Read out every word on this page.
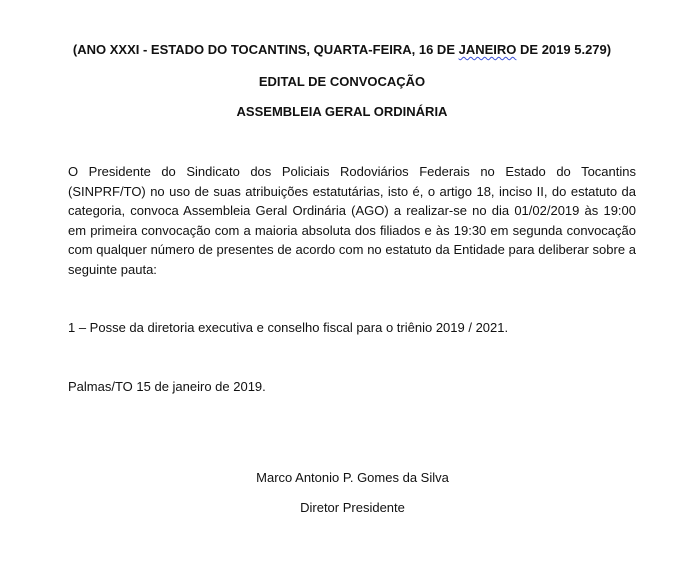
(ANO XXXI - ESTADO DO TOCANTINS, QUARTA-FEIRA, 16 DE JANEIRO DE 2019 5.279)
EDITAL DE CONVOCAÇÃO
ASSEMBLEIA GERAL ORDINÁRIA
O Presidente do Sindicato dos Policiais Rodoviários Federais no Estado do Tocantins (SINPRF/TO) no uso de suas atribuições estatutárias, isto é, o artigo 18, inciso II, do estatuto da categoria, convoca Assembleia Geral Ordinária (AGO) a realizar-se no dia 01/02/2019 às 19:00 em primeira convocação com a maioria absoluta dos filiados e às 19:30 em segunda convocação com qualquer número de presentes de acordo com no estatuto da Entidade para deliberar sobre a seguinte pauta:
1 – Posse da diretoria executiva e conselho fiscal para o triênio 2019 / 2021.
Palmas/TO 15 de janeiro de 2019.
Marco Antonio P. Gomes da Silva
Diretor Presidente
